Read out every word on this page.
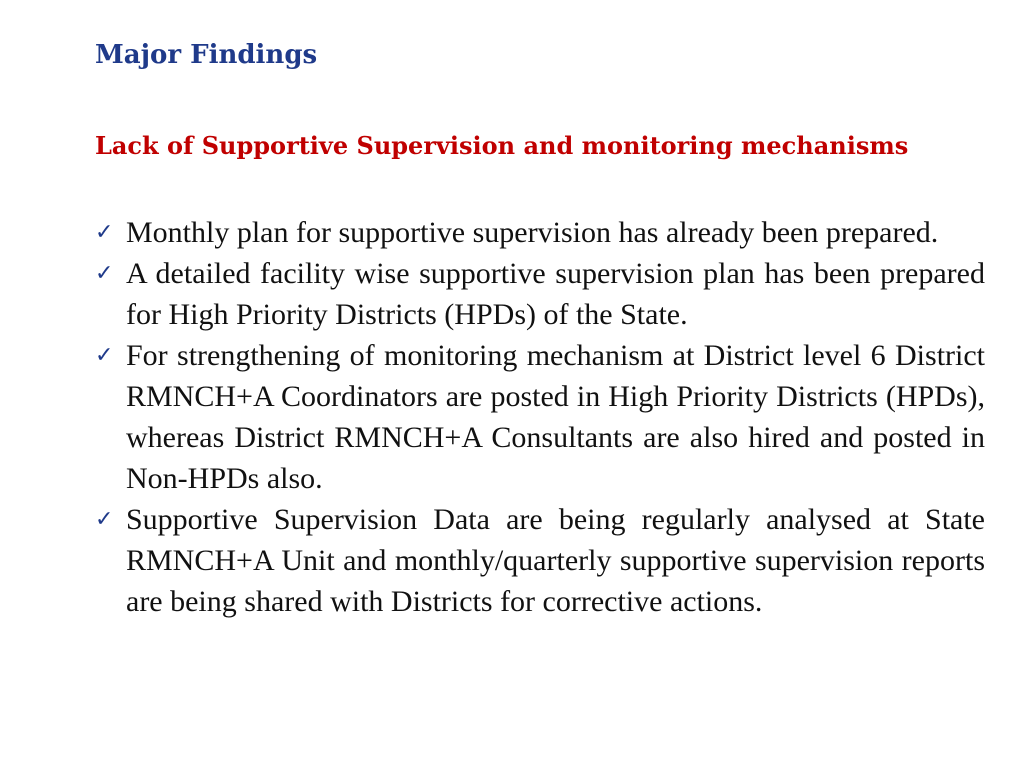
Major Findings
Lack of Supportive Supervision and monitoring mechanisms
✓ Monthly plan for supportive supervision has already been prepared.
✓ A detailed facility wise supportive supervision plan has been prepared for High Priority Districts (HPDs) of the State.
✓ For strengthening of monitoring mechanism at District level 6 District RMNCH+A Coordinators are posted in High Priority Districts (HPDs), whereas District RMNCH+A Consultants are also hired and posted in Non-HPDs also.
✓ Supportive Supervision Data are being regularly analysed at State RMNCH+A Unit and monthly/quarterly supportive supervision reports are being shared with Districts for corrective actions.
